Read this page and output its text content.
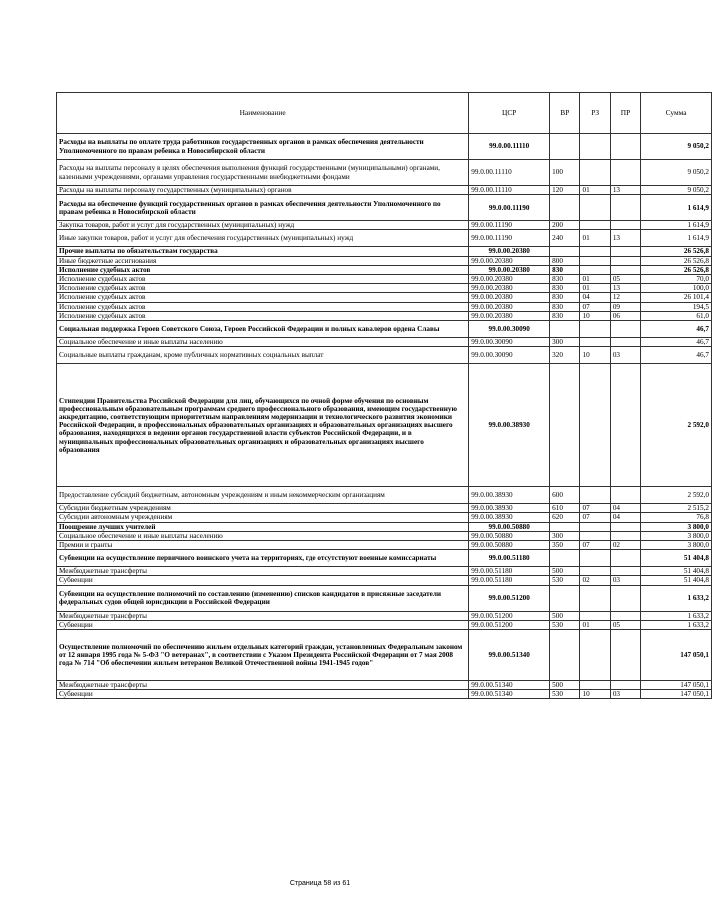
Наименование	ЦСР	ВР	РЗ	ПР	Сумма
Расходы на выплаты по оплате труда работников государственных органов в рамках обеспечения деятельности Уполномоченного по правам ребенка в Новосибирской области	99.0.00.11110				9 050,2
Расходы на выплаты персоналу в целях обеспечения выполнения функций государственными (муниципальными) органами, казенными учреждениями, органами управления государственными внебюджетными фондами	99.0.00.11110	100			9 050,2
Расходы на выплаты персоналу государственных (муниципальных) органов	99.0.00.11110	120	01	13	9 050,2
Расходы на обеспечение функций государственных органов в рамках обеспечения деятельности Уполномоченного по правам ребенка в Новосибирской области	99.0.00.11190				1 614,9
Закупка товаров, работ и услуг для государственных (муниципальных) нужд	99.0.00.11190	200			1 614,9
Иные закупки товаров, работ и услуг для обеспечения государственных (муниципальных) нужд	99.0.00.11190	240	01	13	1 614,9
Прочие выплаты по обязательствам государства	99.0.00.20380				26 526,8
Иные бюджетные ассигнования	99.0.00.20380	800			26 526,8
Исполнение судебных актов	99.0.00.20380	830			26 526,8
Исполнение судебных актов	99.0.00.20380	830	01	05	70,0
Исполнение судебных актов	99.0.00.20380	830	01	13	100,0
Исполнение судебных актов	99.0.00.20380	830	04	12	26 101,4
Исполнение судебных актов	99.0.00.20380	830	07	09	194,5
Исполнение судебных актов	99.0.00.20380	830	10	06	61,0
Социальная поддержка Героев Советского Союза, Героев Российской Федерации и полных кавалеров ордена Славы	99.0.00.30090				46,7
Социальное обеспечение и иные выплаты населению	99.0.00.30090	300			46,7
Социальные выплаты гражданам, кроме публичных нормативных социальных выплат	99.0.00.30090	320	10	03	46,7
Стипендии Правительства Российской Федерации для лиц, обучающихся по очной форме обучения по основным профессиональным образовательным программам среднего профессионального образования, имеющим государственную аккредитацию, соответствующим приоритетным направлениям модернизации и технологического развития экономики Российской Федерации, в профессиональных образовательных организациях и образовательных организациях высшего образования, находящихся в ведении органов государственной власти субъектов Российской Федерации, и в муниципальных профессиональных образовательных организациях и образовательных организациях высшего образования	99.0.00.38930				2 592,0
Предоставление субсидий бюджетным, автономным учреждениям и иным некоммерческим организациям	99.0.00.38930	600			2 592,0
Субсидии бюджетным учреждениям	99.0.00.38930	610	07	04	2 515,2
Субсидии автономным учреждениям	99.0.00.38930	620	07	04	76,8
Поощрение лучших учителей	99.0.00.50880				3 800,0
Социальное обеспечение и иные выплаты населению	99.0.00.50880	300			3 800,0
Премии и гранты	99.0.00.50880	350	07	02	3 800,0
Субвенции на осуществление первичного воинского учета на территориях, где отсутствуют военные комиссариаты	99.0.00.51180				51 404,8
Межбюджетные трансферты	99.0.00.51180	500			51 404,8
Субвенции	99.0.00.51180	530	02	03	51 404,8
Субвенции на осуществление полномочий по составлению (изменению) списков кандидатов в присяжные заседатели федеральных судов общей юрисдикции в Российской Федерации	99.0.00.51200				1 633,2
Межбюджетные трансферты	99.0.00.51200	500			1 633,2
Субвенции	99.0.00.51200	530	01	05	1 633,2
Осуществление полномочий по обеспечению жильем отдельных категорий граждан, установленных Федеральным законом от 12 января 1995 года № 5-ФЗ "О ветеранах", в соответствии с Указом Президента Российской Федерации от 7 мая 2008 года № 714 "Об обеспечении жильем ветеранов Великой Отечественной войны 1941-1945 годов"	99.0.00.51340				147 050,1
Межбюджетные трансферты	99.0.00.51340	500			147 050,1
Субвенции	99.0.00.51340	530	10	03	147 050,1
Страница 58 из 61
